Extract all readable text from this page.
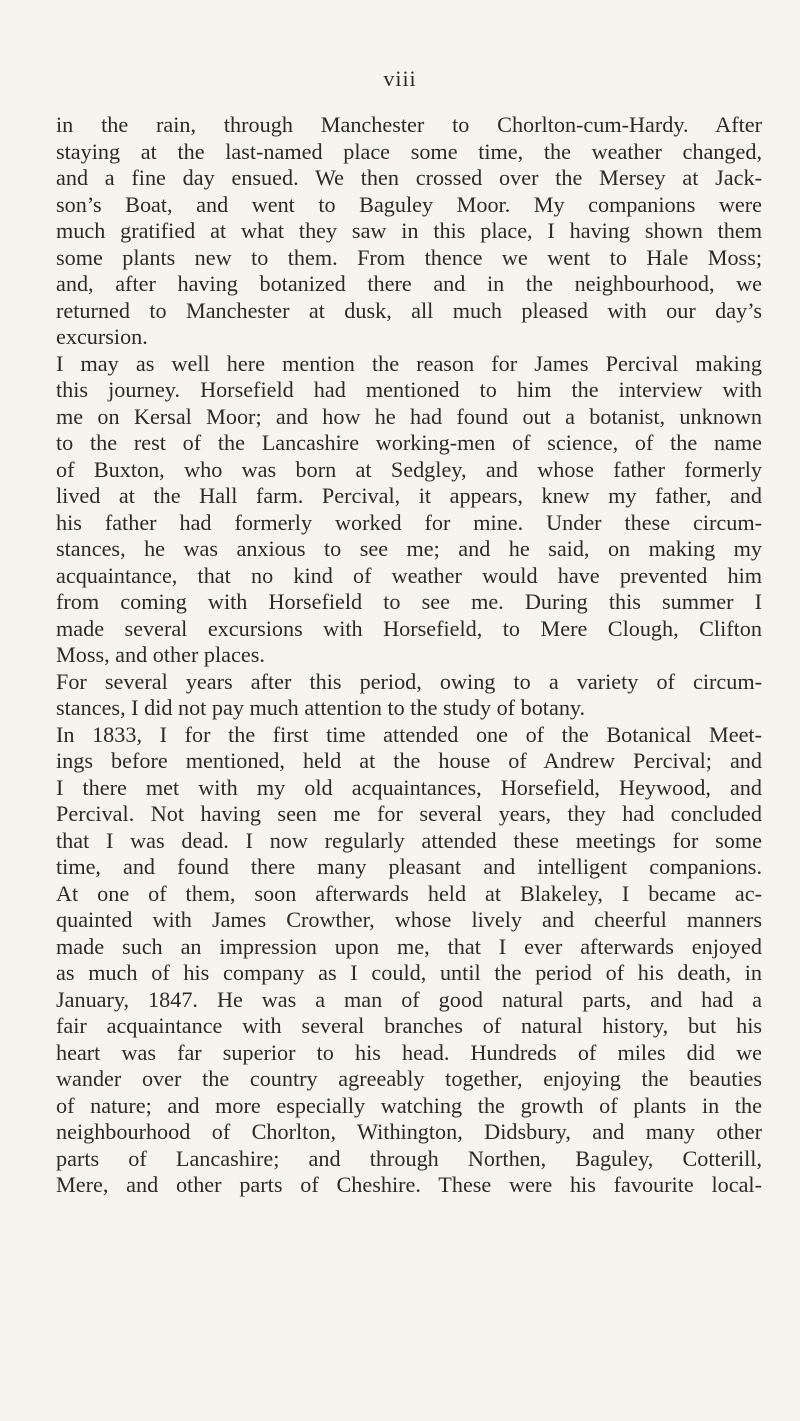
viii
in the rain, through Manchester to Chorlton-cum-Hardy. After
staying at the last-named place some time, the weather changed,
and a fine day ensued. We then crossed over the Mersey at Jack-
son’s Boat, and went to Baguley Moor. My companions were
much gratified at what they saw in this place, I having shown them
some plants new to them. From thence we went to Hale Moss;
and, after having botanized there and in the neighbourhood, we
returned to Manchester at dusk, all much pleased with our day’s
excursion.
I may as well here mention the reason for James Percival making
this journey. Horsefield had mentioned to him the interview with
me on Kersal Moor; and how he had found out a botanist, unknown
to the rest of the Lancashire working-men of science, of the name
of Buxton, who was born at Sedgley, and whose father formerly
lived at the Hall farm. Percival, it appears, knew my father, and
his father had formerly worked for mine. Under these circum-
stances, he was anxious to see me; and he said, on making my
acquaintance, that no kind of weather would have prevented him
from coming with Horsefield to see me. During this summer I
made several excursions with Horsefield, to Mere Clough, Clifton
Moss, and other places.
For several years after this period, owing to a variety of circum-
stances, I did not pay much attention to the study of botany.
In 1833, I for the first time attended one of the Botanical Meet-
ings before mentioned, held at the house of Andrew Percival; and
I there met with my old acquaintances, Horsefield, Heywood, and
Percival. Not having seen me for several years, they had concluded
that I was dead. I now regularly attended these meetings for some
time, and found there many pleasant and intelligent companions.
At one of them, soon afterwards held at Blakeley, I became ac-
quainted with James Crowther, whose lively and cheerful manners
made such an impression upon me, that I ever afterwards enjoyed
as much of his company as I could, until the period of his death, in
January, 1847. He was a man of good natural parts, and had a
fair acquaintance with several branches of natural history, but his
heart was far superior to his head. Hundreds of miles did we
wander over the country agreeably together, enjoying the beauties
of nature; and more especially watching the growth of plants in the
neighbourhood of Chorlton, Withington, Didsbury, and many other
parts of Lancashire; and through Northen, Baguley, Cotterill,
Mere, and other parts of Cheshire. These were his favourite local-
